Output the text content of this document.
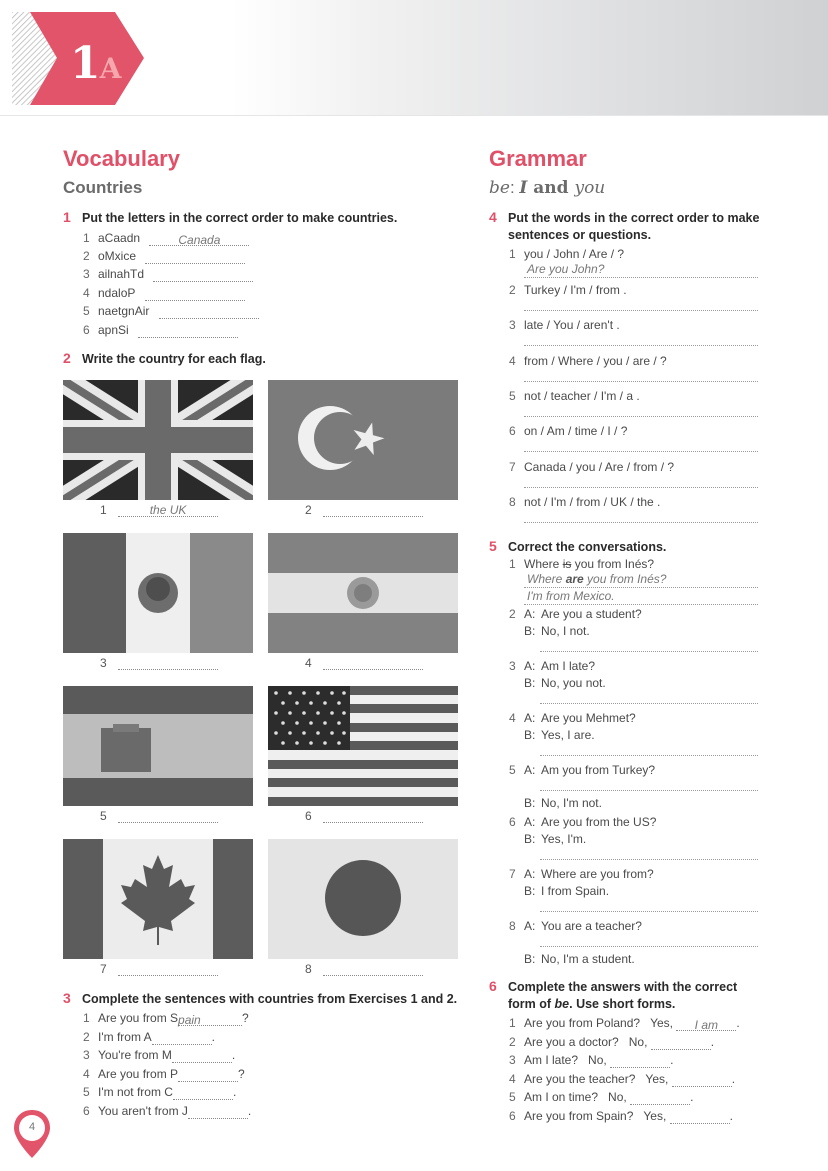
1A
Vocabulary
Countries
1 Put the letters in the correct order to make countries.
1 aCaadn	Canada
2 oMxice
3 ailnahTd
4 ndaloP
5 naetgnAir
6 apnSi
2 Write the country for each flag.
1	the UK	2
3	4
5	6
7	8
3 Complete the sentences with countries from Exercises 1 and 2.
1 Are you from Spain	?
2 I'm from A	.
3 You're from M	.
4 Are you from P	?
5 I'm not from C	.
6 You aren't from J	.
Grammar
be: I and you
4 Put the words in the correct order to make
sentences or questions.
1 you / John / Are / ?
Are you John?
2 Turkey / I'm / from .
3 late / You / aren't .
4 from / Where / you / are / ?
5 not / teacher / I'm / a .
6 on / Am / time / I / ?
7 Canada / you / Are / from / ?
8 not / I'm / from / UK / the .
5 Correct the conversations.
1 Where is you from Inés?
Where are you from Inés?
I'm from Mexico.
2 A: Are you a student?
B: No, I not.
3 A: Am I late?
B: No, you not.
4 A: Are you Mehmet?
B: Yes, I are.
5 A: Am you from Turkey?
B: No, I'm not.
6 A: Are you from the US?
B: Yes, I'm.
7 A: Where are you from?
B: I from Spain.
8 A: You are a teacher?
B: No, I'm a student.
6 Complete the answers with the correct
form of be. Use short forms.
1 Are you from Poland? Yes, I am .
2 Are you a doctor? No,	.
3 Am I late? No,	.
4 Are you the teacher? Yes,	.
5 Am I on time? No,	.
6 Are you from Spain? Yes,	.
4
